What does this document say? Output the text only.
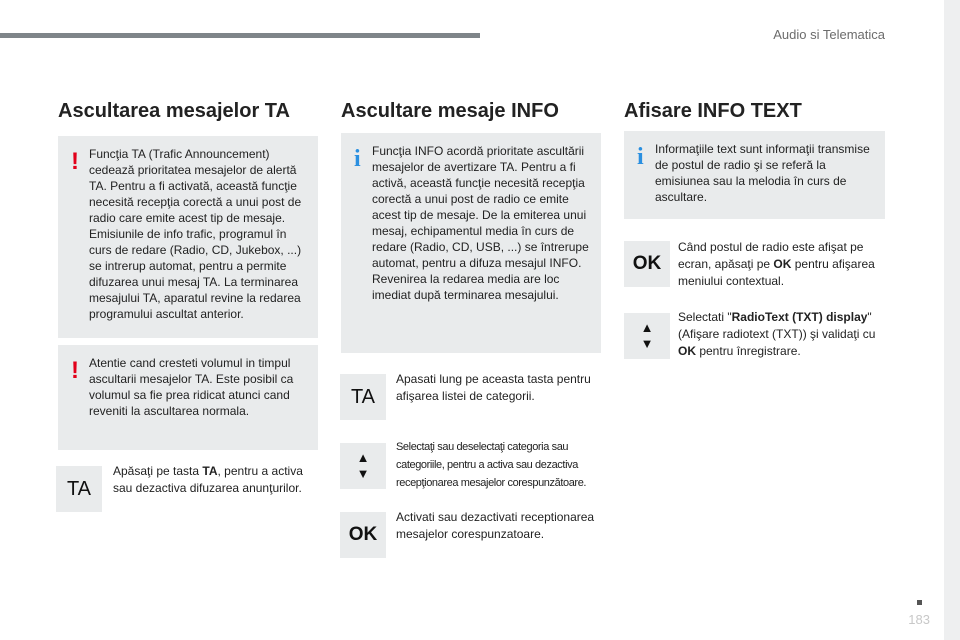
Audio si Telematica
183
Ascultarea mesajelor TA
! Funcţia TA (Trafic Announcement) cedează prioritatea mesajelor de alertă TA. Pentru a fi activată, această funcţie necesită recepţia corectă a unui post de radio care emite acest tip de mesaje. Emisiunile de info trafic, programul în curs de redare (Radio, CD, Jukebox, ...) se intrerup automat, pentru a permite difuzarea unui mesaj TA. La terminarea mesajului TA, aparatul revine la redarea programului ascultat anterior.

! Atentie cand cresteti volumul in timpul ascultarii mesajelor TA. Este posibil ca volumul sa fie prea ridicat atunci cand reveniti la ascultarea normala.

TA
Apăsaţi pe tasta TA, pentru a activa sau dezactiva difuzarea anunţurilor.
Ascultare mesaje INFO
i Funcţia INFO acordă prioritate ascultării mesajelor de avertizare TA. Pentru a fi activă, această funcţie necesită recepţia corectă a unui post de radio ce emite acest tip de mesaje. De la emiterea unui mesaj, echipamentul media în curs de redare (Radio, CD, USB, ...) se întrerupe automat, pentru a difuza mesajul INFO. Revenirea la redarea media are loc imediat după terminarea mesajului.

TA
Apasati lung pe aceasta tasta pentru afişarea listei de categorii.
▲
▼
Selectaţi sau deselectaţi categoria sau categoriile, pentru a activa sau dezactiva recepţionarea mesajelor corespunzătoare.
OK
Activati sau dezactivati receptionarea mesajelor corespunzatoare.
Afisare INFO TEXT
i Informaţiile text sunt informaţii transmise de postul de radio şi se referă la emisiunea sau la melodia în curs de ascultare.

OK
Când postul de radio este afişat pe ecran, apăsaţi pe OK pentru afişarea meniului contextual.
▲
▼
Selectati "RadioText (TXT) display" (Afişare radiotext (TXT)) şi validaţi cu OK pentru înregistrare.
